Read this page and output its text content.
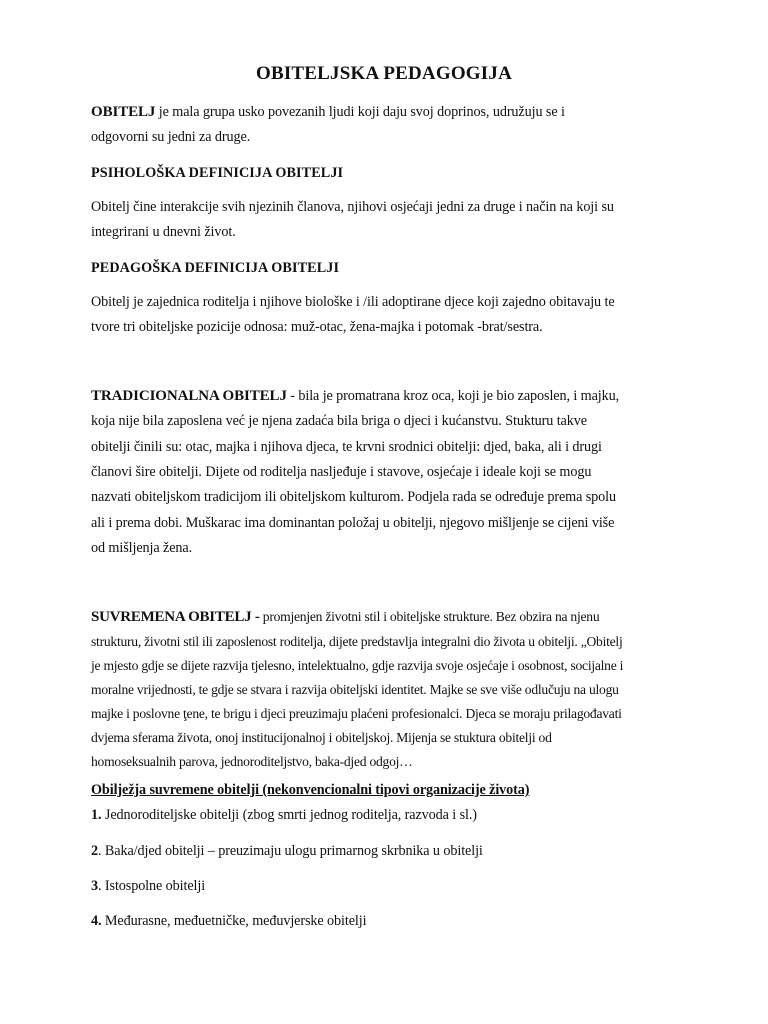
OBITELJSKA PEDAGOGIJA
OBITELJ je mala grupa usko povezanih ljudi koji daju svoj doprinos, udružuju se i
odgovorni su jedni za druge.
PSIHOLOŠKA DEFINICIJA OBITELJI
Obitelj čine interakcije svih njezinih članova, njihovi osjećaji jedni za druge i način na koji su
integrirani u dnevni život.
PEDAGOŠKA DEFINICIJA OBITELJI
Obitelj je zajednica roditelja i njihove biološke i /ili adoptirane djece koji zajedno obitavaju te
tvore tri obiteljske pozicije odnosa: muž-otac, žena-majka i potomak -brat/sestra.
TRADICIONALNA OBITELJ - bila je promatrana kroz oca, koji je bio zaposlen, i majku,
koja nije bila zaposlena već je njena zadaća bila briga o djeci i kućanstvu. Stukturu takve
obitelji činili su: otac, majka i njihova djeca, te krvni srodnici obitelji: djed, baka, ali i drugi
članovi šire obitelji. Dijete od roditelja nasljeđuje i stavove, osjećaje i ideale koji se mogu
nazvati obiteljskom tradicijom ili obiteljskom kulturom. Podjela rada se određuje prema spolu
ali i prema dobi. Muškarac ima dominantan položaj u obitelji, njegovo mišljenje se cijeni više
od mišljenja žena.
SUVREMENA OBITELJ - promjenjen životni stil i obiteljske strukture. Bez obzira na njenu
strukturu, životni stil ili zaposlenost roditelja, dijete predstavlja integralni dio života u obitelji. „Obitelj
je mjesto gdje se dijete razvija tjelesno, intelektualno, gdje razvija svoje osjećaje i osobnost, socijalne i
moralne vrijednosti, te gdje se stvara i razvija obiteljski identitet. Majke se sve više odlučuju na ulogu
majke i poslovne ţene, te brigu i djeci preuzimaju plaćeni profesionalci. Djeca se moraju prilagođavati
dvjema sferama života, onoj institucijonalnoj i obiteljskoj. Mijenja se stuktura obitelji od
homoseksualnih parova, jednoroditeljstvo, baka-djed odgoj…
Obilježja suvremene obitelji (nekonvencionalni tipovi organizacije života)
1. Jednoroditeljske obitelji (zbog smrti jednog roditelja, razvoda i sl.)
2. Baka/djed obitelji – preuzimaju ulogu primarnog skrbnika u obitelji
3. Istospolne obitelji
4. Međurasne, međuetničke, međuvjerske obitelji
